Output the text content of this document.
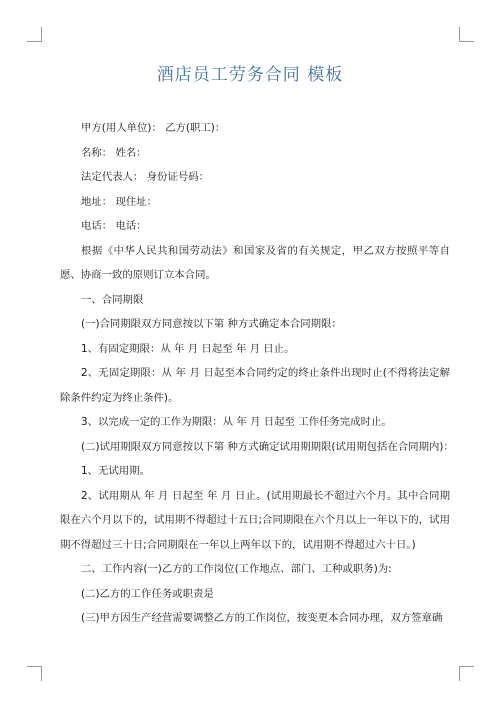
酒店员工劳务合同 模板

甲方(用人单位)： 乙方(职工)：

名称： 姓名：

法定代表人： 身份证号码：

地址： 现住址：

电话： 电话：

根据《中华人民共和国劳动法》和国家及省的有关规定，甲乙双方按照平等自愿、协商一致的原则订立本合同。

一、合同期限

(一)合同期限双方同意按以下第 种方式确定本合同期限：

1、有固定期限：从 年 月 日起至 年 月 日止。

2、无固定期限：从 年 月 日起至本合同约定的终止条件出现时止(不得将法定解除条件约定为终止条件)。

3、以完成一定的工作为期限：从 年 月 日起至 工作任务完成时止。

(二)试用期限双方同意按以下第 种方式确定试用期期限(试用期包括在合同期内)：

1、无试用期。

2、试用期从 年 月 日起至 年 月 日止。(试用期最长不超过六个月。其中合同期限在六个月以下的，试用期不得超过十五日;合同期限在六个月以上一年以下的，试用期不得超过三十日;合同期限在一年以上两年以下的，试用期不得超过六十日。)

二、工作内容(一)乙方的工作岗位(工作地点、部门、工种或职务)为:

(二)乙方的工作任务或职责是

(三)甲方因生产经营需要调整乙方的工作岗位，按变更本合同办理，双方签章确
